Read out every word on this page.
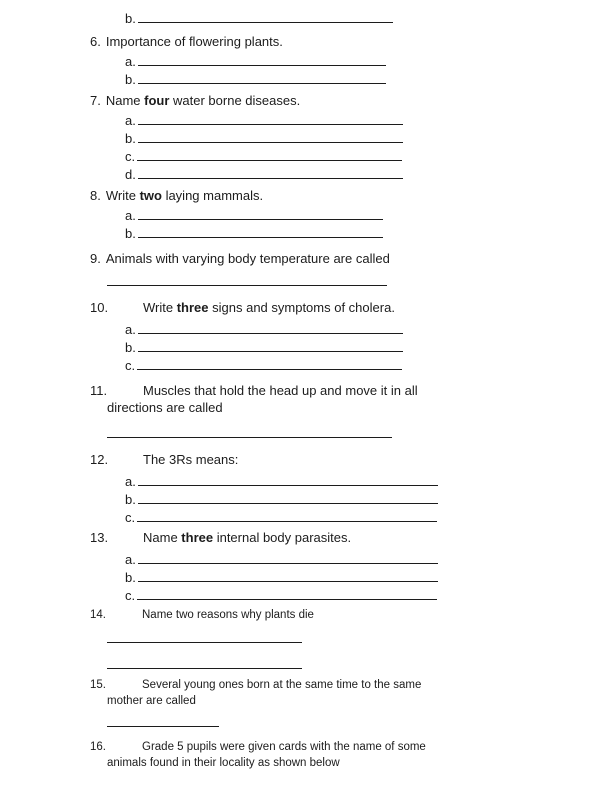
b.
6. Importance of flowering plants.
a.
b.
7. Name four water borne diseases.
a.
b.
c.
d.
8. Write two laying mammals.
a.
b.
9. Animals with varying body temperature are called
10.	Write three signs and symptoms of cholera.
a.
b.
c.
11.	Muscles that hold the head up and move it in all
directions are called
12.	The 3Rs means:
a.
b.
c.
13.	Name three internal body parasites.
a.
b.
c.
14.	Name two reasons why plants die
15.	Several young ones born at the same time to the same
mother are called
16.	Grade 5 pupils were given cards with the name of some
animals found in their locality as shown below
